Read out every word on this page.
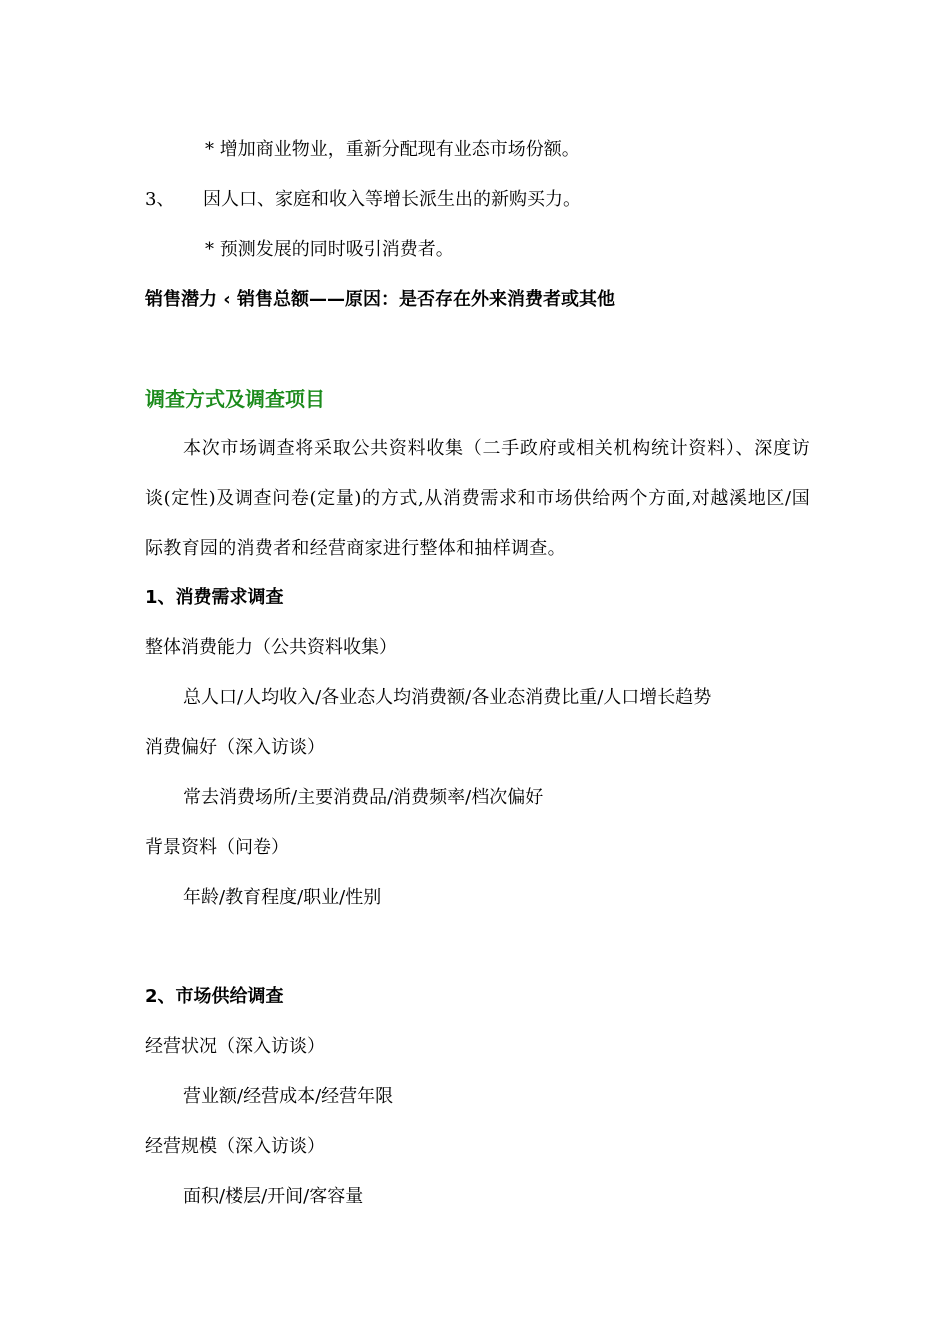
* 增加商业物业，重新分配现有业态市场份额。
3、 因人口、家庭和收入等增长派生出的新购买力。
* 预测发展的同时吸引消费者。
销售潜力 ‹ 销售总额——原因：是否存在外来消费者或其他
调查方式及调查项目
本次市场调查将采取公共资料收集（二手政府或相关机构统计资料）、深度访谈(定性)及调查问卷(定量)的方式,从消费需求和市场供给两个方面,对越溪地区/国际教育园的消费者和经营商家进行整体和抽样调查。
1、消费需求调查
整体消费能力（公共资料收集）
总人口/人均收入/各业态人均消费额/各业态消费比重/人口增长趋势
消费偏好（深入访谈）
常去消费场所/主要消费品/消费频率/档次偏好
背景资料（问卷）
年龄/教育程度/职业/性别
2、市场供给调查
经营状况（深入访谈）
营业额/经营成本/经营年限
经营规模（深入访谈）
面积/楼层/开间/客容量
